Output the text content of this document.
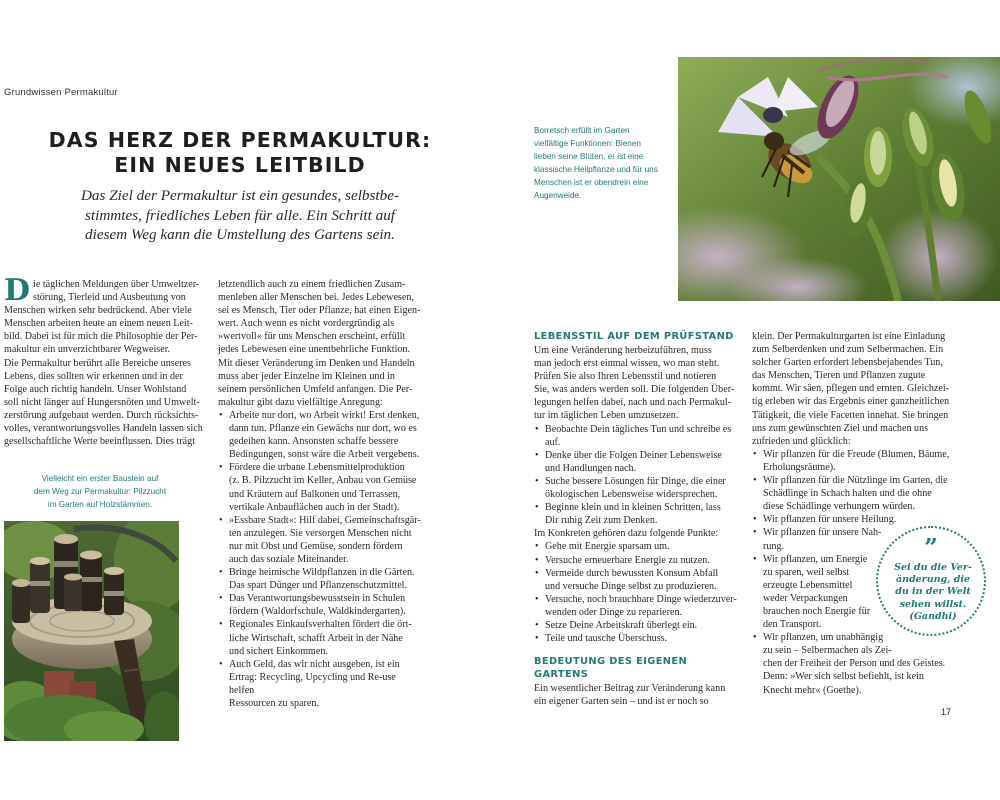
Grundwissen Permakultur
DAS HERZ DER PERMAKULTUR:
EIN NEUES LEITBILD
Das Ziel der Permakultur ist ein gesundes, selbstbe-
stimmtes, friedliches Leben für alle. Ein Schritt auf
diesem Weg kann die Umstellung des Gartens sein.
D ie täglichen Meldungen über Umweltzer-
störung, Tierleid und Ausbeutung von
Menschen wirken sehr bedrückend. Aber viele
Menschen arbeiten heute an einem neuen Leit-
bild. Dabei ist für mich die Philosophie der Per-
makultur ein unverzichtbarer Wegweiser.
Die Permakultur berührt alle Bereiche unseres
Lebens, dies sollten wir erkennen und in der
Folge auch richtig handeln. Unser Wohlstand
soll nicht länger auf Hungersnöten und Umwelt-
zerstörung aufgebaut werden. Durch rücksichts-
volles, verantwortungsvolles Handeln lassen sich
gesellschaftliche Werte beeinflussen. Dies trägt
Vielleicht ein erster Baustein auf
dem Weg zur Permakultur: Pilzzucht
im Garten auf Holzstämmen.
letztendlich auch zu einem friedlichen Zusam-
menleben aller Menschen bei. Jedes Lebewesen,
sei es Mensch, Tier oder Pflanze, hat einen Eigen-
wert. Auch wenn es nicht vordergründig als
»wertvoll« für uns Menschen erscheint, erfüllt
jedes Lebewesen eine unentbehrliche Funktion.
Mit dieser Veränderung im Denken und Handeln
muss aber jeder Einzelne im Kleinen und in
seinem persönlichen Umfeld anfangen. Die Per-
makultur gibt dazu vielfältige Anregung:
• Arbeite nur dort, wo Arbeit wirkt! Erst denken,
dann tun. Pflanze ein Gewächs nur dort, wo es
gedeihen kann. Ansonsten schaffe bessere
Bedingungen, sonst wäre die Arbeit vergebens.
• Fördere die urbane Lebensmittelproduktion
(z. B. Pilzzucht im Keller, Anbau von Gemüse
und Kräutern auf Balkonen und Terrassen,
vertikale Anbauflächen auch in der Stadt).
• »Essbare Stadt«: Hilf dabei, Gemeinschaftsgär-
ten anzulegen. Sie versorgen Menschen nicht
nur mit Obst und Gemüse, sondern fördern
auch das soziale Miteinander.
• Bringe heimische Wildpflanzen in die Gärten.
Das spart Dünger und Pflanzenschutzmittel.
• Das Verantwortungsbewusstsein in Schulen
fördern (Waldorfschule, Waldkindergarten).
• Regionales Einkaufsverhalten fördert die ört-
liche Wirtschaft, schafft Arbeit in der Nähe
und sichert Einkommen.
• Auch Geld, das wir nicht ausgeben, ist ein
Ertrag: Recycling, Upcycling und Re-use helfen
Ressourcen zu sparen.
Borretsch erfüllt im Garten
vielfältige Funktionen: Bienen
lieben seine Blüten, er ist eine
klassische Heilpflanze und für uns
Menschen ist er obendrein eine
Augenweide.
LEBENSSTIL AUF DEM PRÜFSTAND
Um eine Veränderung herbeizuführen, muss
man jedoch erst einmal wissen, wo man steht.
Prüfen Sie also Ihren Lebensstil und notieren
Sie, was anders werden soll. Die folgenden Über-
legungen helfen dabei, nach und nach Permakul-
tur im täglichen Leben umzusetzen.
• Beobachte Dein tägliches Tun und schreibe es
auf.
• Denke über die Folgen Deiner Lebensweise
und Handlungen nach.
• Suche bessere Lösungen für Dinge, die einer
ökologischen Lebensweise widersprechen.
• Beginne klein und in kleinen Schritten, lass
Dir ruhig Zeit zum Denken.
Im Konkreten gehören dazu folgende Punkte:
• Gehe mit Energie sparsam um.
• Versuche erneuerbare Energie zu nutzen.
• Vermeide durch bewussten Konsum Abfall
und versuche Dinge selbst zu produzieren.
• Versuche, noch brauchbare Dinge wiederzuver-
wenden oder Dinge zu reparieren.
• Setze Deine Arbeitskraft überlegt ein.
• Teile und tausche Überschuss.
BEDEUTUNG DES EIGENEN GARTENS
Ein wesentlicher Beitrag zur Veränderung kann
ein eigener Garten sein – und ist er noch so
klein. Der Permakulturgarten ist eine Einladung
zum Selberdenken und zum Selbermachen. Ein
solcher Garten erfordert lebensbejahendes Tun,
das Menschen, Tieren und Pflanzen zugute
kommt. Wir säen, pflegen und ernten. Gleichzei-
tig erleben wir das Ergebnis einer ganzheitlichen
Tätigkeit, die viele Facetten innehat. Sie bringen
uns zum gewünschten Ziel und machen uns
zufrieden und glücklich:
• Wir pflanzen für die Freude (Blumen, Bäume,
Erholungsräume).
• Wir pflanzen für die Nützlinge im Garten, die
Schädlinge in Schach halten und die ohne
diese Schädlinge verhungern würden.
• Wir pflanzen für unsere Heilung.
• Wir pflanzen für unsere Nah-
rung.
• Wir pflanzen, um Energie
zu sparen, weil selbst
erzeugte Lebensmittel
weder Verpackungen
brauchen noch Energie für
den Transport.
• Wir pflanzen, um unabhängig
zu sein – Selbermachen als Zei-
chen der Freiheit der Person und des Geistes.
Denn: »Wer sich selbst befiehlt, ist kein
Knecht mehr« (Goethe).
”
Sei du die Ver-
änderung, die
du in der Welt
sehen willst.
(Gandhi)
17
